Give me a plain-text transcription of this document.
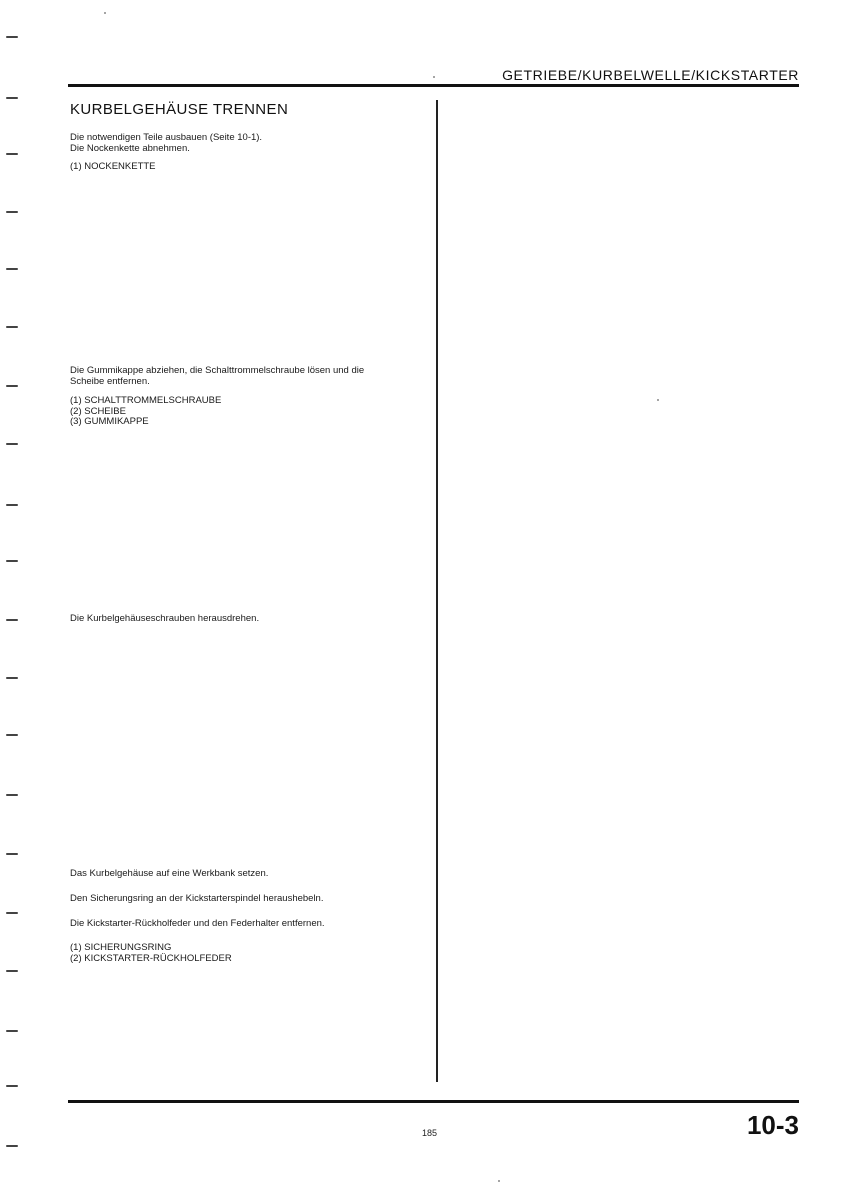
GETRIEBE/KURBELWELLE/KICKSTARTER
KURBELGEHÄUSE TRENNEN
Die notwendigen Teile ausbauen (Seite 10-1).
Die Nockenkette abnehmen.
(1) NOCKENKETTE
Die Gummikappe abziehen, die Schalttrommelschraube lösen und die
Scheibe entfernen.
(1) SCHALTTROMMELSCHRAUBE
(2) SCHEIBE
(3) GUMMIKAPPE
Die Kurbelgehäuseschrauben herausdrehen.
Das Kurbelgehäuse auf eine Werkbank setzen.
Den Sicherungsring an der Kickstarterspindel heraushebeln.
Die Kickstarter-Rückholfeder und den Federhalter entfernen.
(1) SICHERUNGSRING
(2) KICKSTARTER-RÜCKHOLFEDER
185	10-3
